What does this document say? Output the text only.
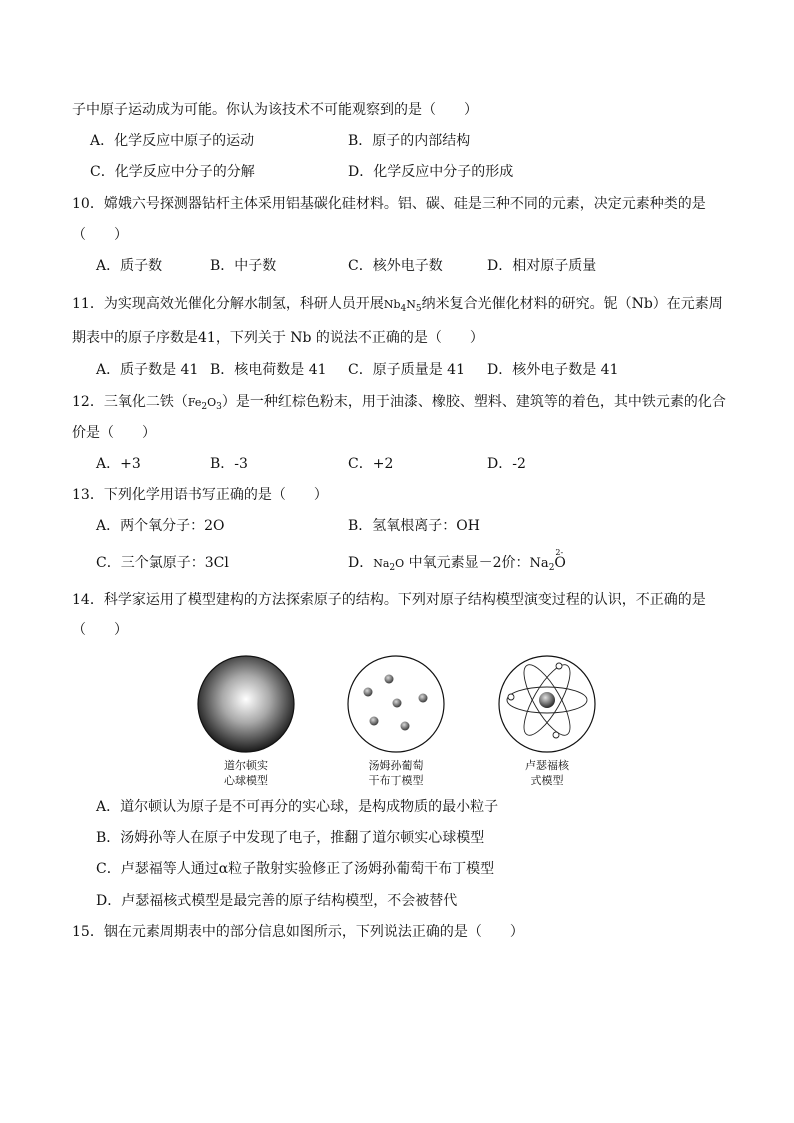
子中原子运动成为可能。你认为该技术不可能观察到的是（　　）
A．化学反应中原子的运动	B．原子的内部结构
C．化学反应中分子的分解	D．化学反应中分子的形成
10．嫦娥六号探测器钻杆主体采用铝基碳化硅材料。铝、碳、硅是三种不同的元素，决定元素种类的是
（　　）
A．质子数	B．中子数	C．核外电子数	D．相对原子质量
11．为实现高效光催化分解水制氢，科研人员开展$Nb_4N_5$纳米复合光催化材料的研究。铌（Nb）在元素周
期表中的原子序数是41，下列关于 Nb 的说法不正确的是（　　）
A．质子数是 41 B．核电荷数是 41 C．原子质量是 41 D．核外电子数是 41
12．三氧化二铁$(Fe_2O_3)$是一种红棕色粉末，用于油漆、橡胶、塑料、建筑等的着色，其中铁元素的化合
价是（　　）
A．+3	B．-3	C．+2	D．-2
13．下列化学用语书写正确的是（　　）
A．两个氧分子：2O	B．氢氧根离子：OH
C．三个氯原子：3Cl	D．$Na_2O$ 中氧元素显－2价：$Na_2$
2-
O
14．科学家运用了模型建构的方法探索原子的结构。下列对原子结构模型演变过程的认识，不正确的是
（　　）
道尔顿实
心球模型
汤姆孙葡萄
干布丁模型
卢瑟福核
式模型
A．道尔顿认为原子是不可再分的实心球，是构成物质的最小粒子
B．汤姆孙等人在原子中发现了电子，推翻了道尔顿实心球模型
C．卢瑟福等人通过α粒子散射实验修正了汤姆孙葡萄干布丁模型
D．卢瑟福核式模型是最完善的原子结构模型，不会被替代
15．铟在元素周期表中的部分信息如图所示，下列说法正确的是（　　）
